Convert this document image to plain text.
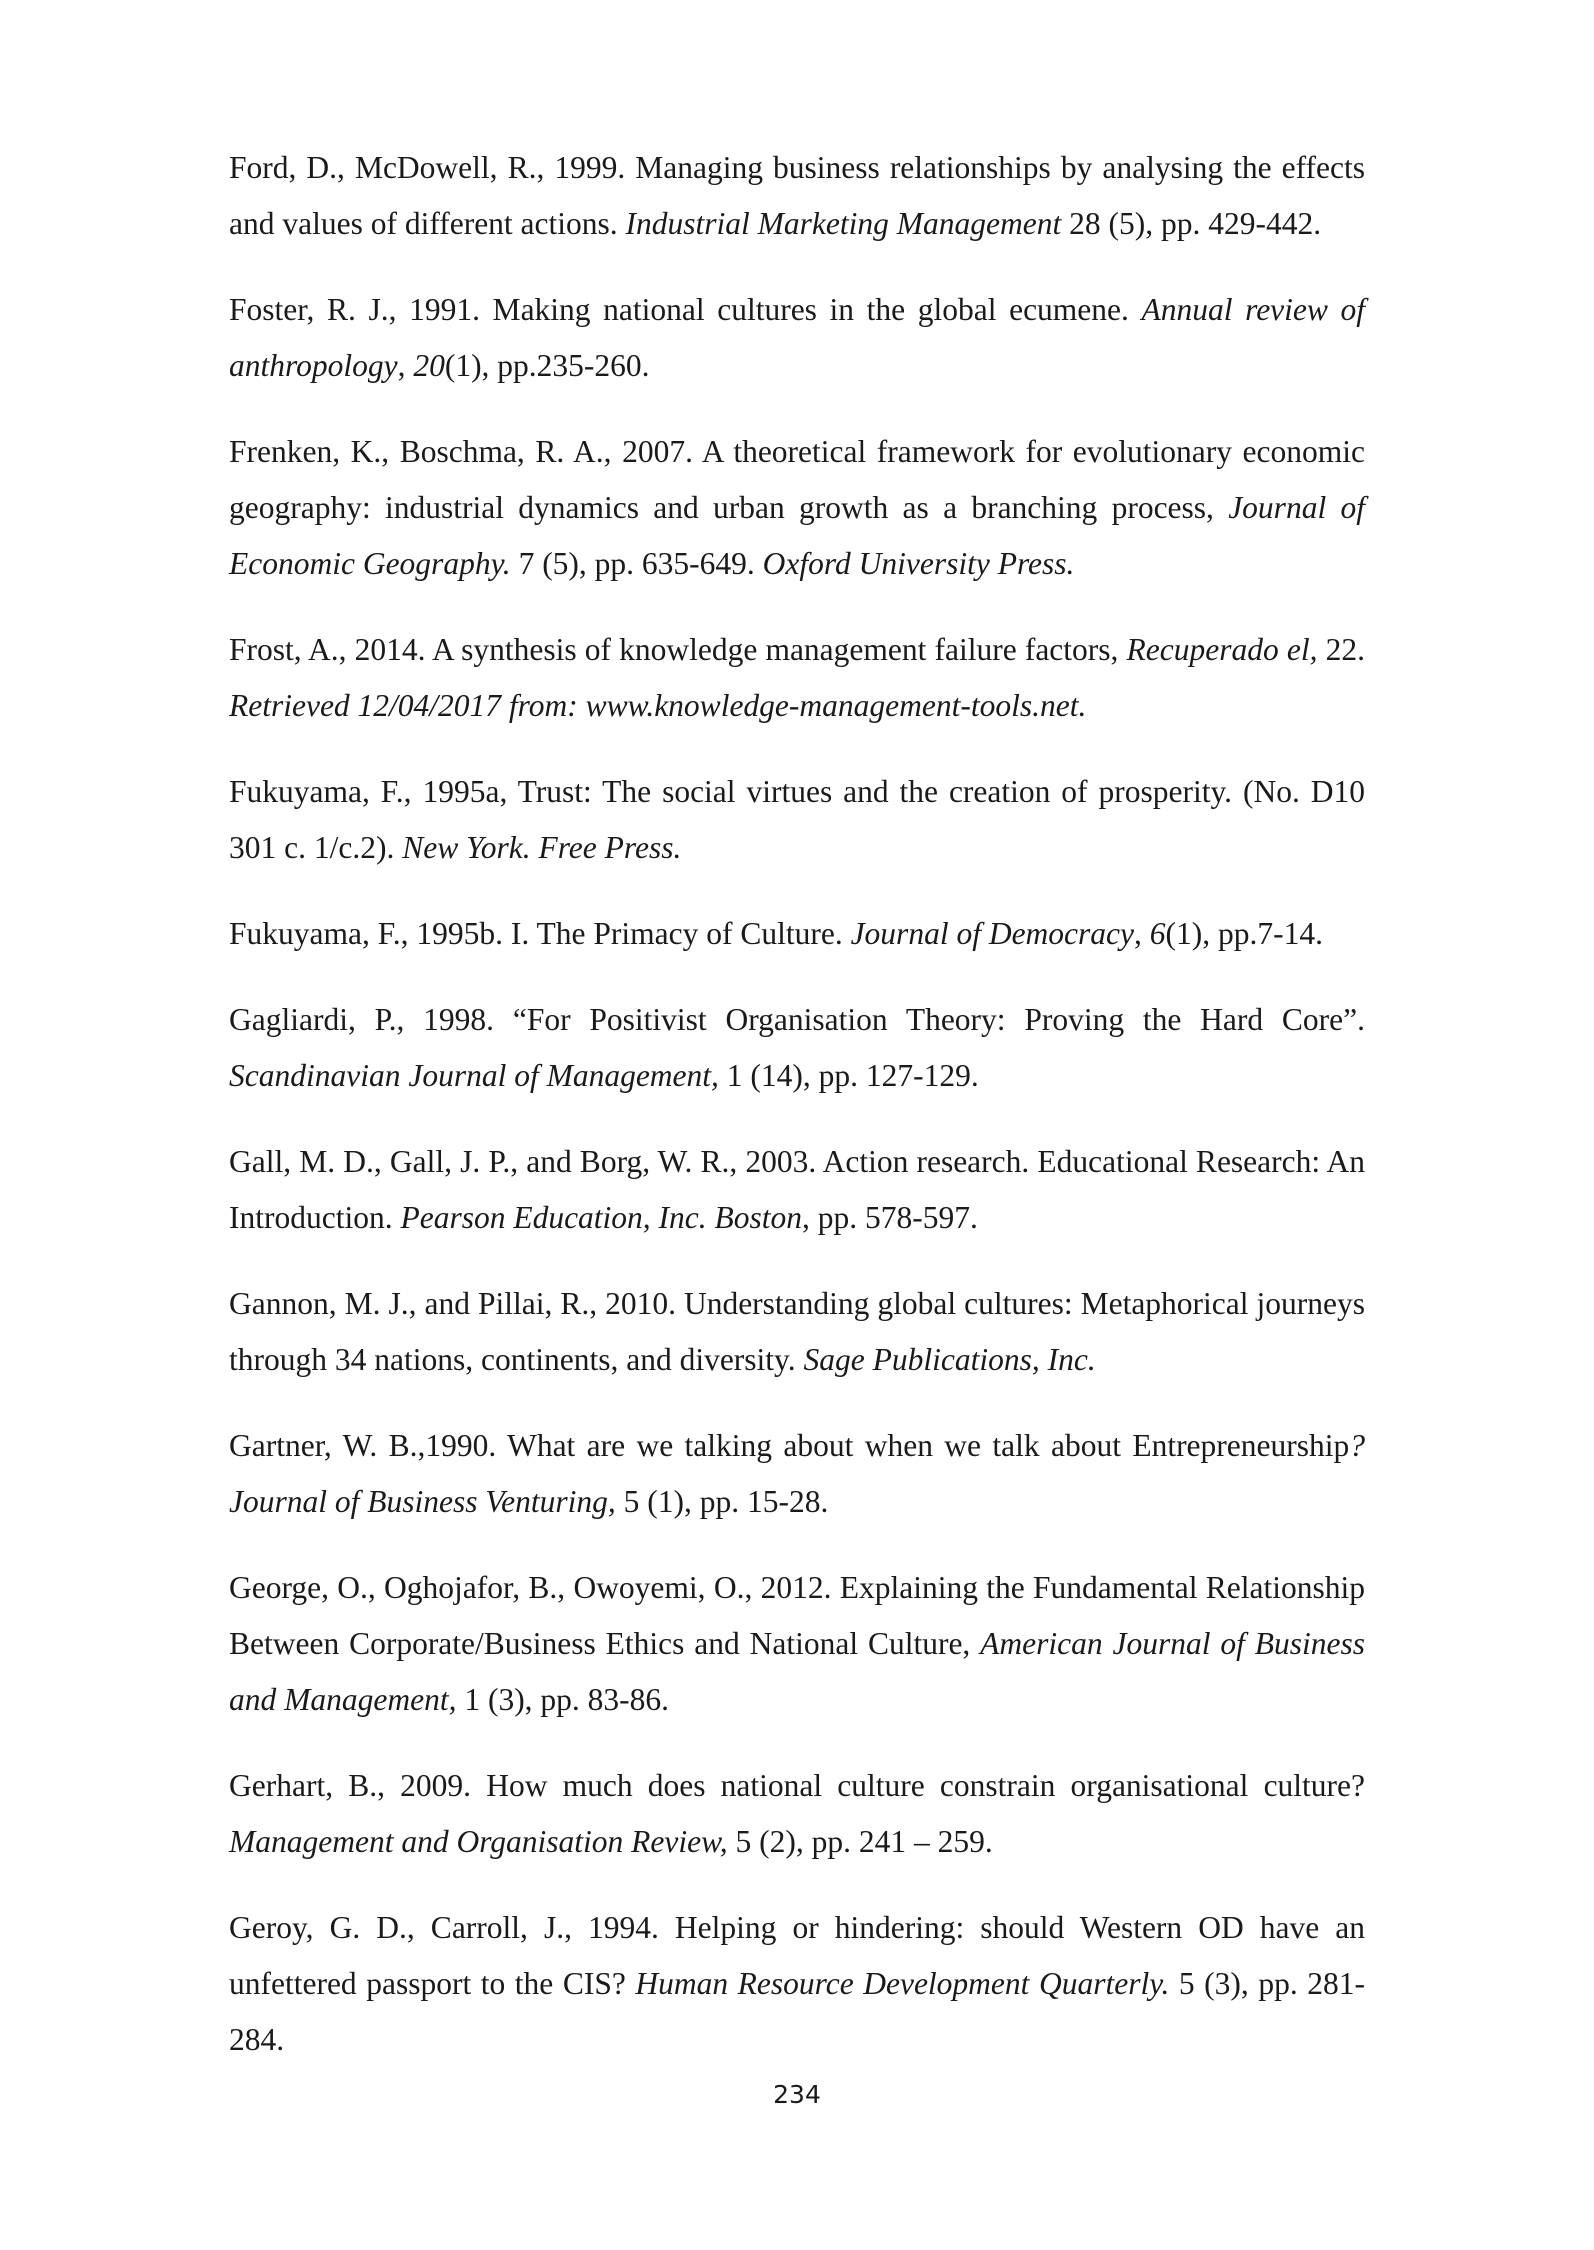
Ford, D., McDowell, R., 1999. Managing business relationships by analysing the effects and values of different actions. Industrial Marketing Management 28 (5), pp. 429-442.

Foster, R. J., 1991. Making national cultures in the global ecumene. Annual review of anthropology, 20(1), pp.235-260.

Frenken, K., Boschma, R. A., 2007. A theoretical framework for evolutionary economic geography: industrial dynamics and urban growth as a branching process, Journal of Economic Geography. 7 (5), pp. 635-649. Oxford University Press.

Frost, A., 2014. A synthesis of knowledge management failure factors, Recuperado el, 22. Retrieved 12/04/2017 from: www.knowledge-management-tools.net.

Fukuyama, F., 1995a, Trust: The social virtues and the creation of prosperity. (No. D10 301 c. 1/c.2). New York. Free Press.

Fukuyama, F., 1995b. I. The Primacy of Culture. Journal of Democracy, 6(1), pp.7-14.

Gagliardi, P., 1998. “For Positivist Organisation Theory: Proving the Hard Core”. Scandinavian Journal of Management, 1 (14), pp. 127-129.

Gall, M. D., Gall, J. P., and Borg, W. R., 2003. Action research. Educational Research: An Introduction. Pearson Education, Inc. Boston, pp. 578-597.

Gannon, M. J., and Pillai, R., 2010. Understanding global cultures: Metaphorical journeys through 34 nations, continents, and diversity. Sage Publications, Inc.

Gartner, W. B.,1990. What are we talking about when we talk about Entrepreneurship? Journal of Business Venturing, 5 (1), pp. 15-28.

George, O., Oghojafor, B., Owoyemi, O., 2012. Explaining the Fundamental Relationship Between Corporate/Business Ethics and National Culture, American Journal of Business and Management, 1 (3), pp. 83-86.

Gerhart, B., 2009. How much does national culture constrain organisational culture? Management and Organisation Review, 5 (2), pp. 241 – 259.

Geroy, G. D., Carroll, J., 1994. Helping or hindering: should Western OD have an unfettered passport to the CIS? Human Resource Development Quarterly. 5 (3), pp. 281-284.

234
